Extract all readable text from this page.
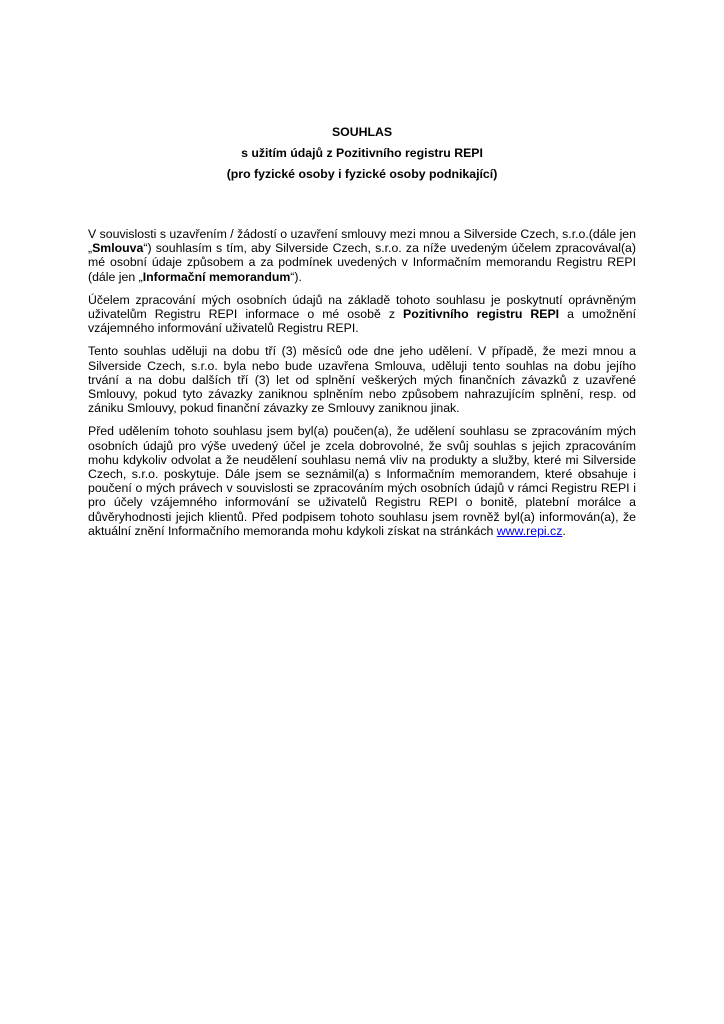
SOUHLAS
s užitím údajů z Pozitivního registru REPI
(pro fyzické osoby i fyzické osoby podnikající)

V souvislosti s uzavřením / žádostí o uzavření smlouvy mezi mnou a Silverside Czech, s.r.o.(dále jen „Smlouva“) souhlasím s tím, aby Silverside Czech, s.r.o. za níže uvedeným účelem zpracovával(a) mé osobní údaje způsobem a za podmínek uvedených v Informačním memorandu Registru REPI (dále jen „Informační memorandum“).

Účelem zpracování mých osobních údajů na základě tohoto souhlasu je poskytnutí oprávněným uživatelům Registru REPI informace o mé osobě z Pozitivního registru REPI a umožnění vzájemného informování uživatelů Registru REPI.

Tento souhlas uděluji na dobu tří (3) měsíců ode dne jeho udělení. V případě, že mezi mnou a Silverside Czech, s.r.o. byla nebo bude uzavřena Smlouva, uděluji tento souhlas na dobu jejího trvání a na dobu dalších tří (3) let od splnění veškerých mých finančních závazků z uzavřené Smlouvy, pokud tyto závazky zaniknou splněním nebo způsobem nahrazujícím splnění, resp. od zániku Smlouvy, pokud finanční závazky ze Smlouvy zaniknou jinak.

Před udělením tohoto souhlasu jsem byl(a) poučen(a), že udělení souhlasu se zpracováním mých osobních údajů pro výše uvedený účel je zcela dobrovolné, že svůj souhlas s jejich zpracováním mohu kdykoliv odvolat a že neudělení souhlasu nemá vliv na produkty a služby, které mi Silverside Czech, s.r.o. poskytuje. Dále jsem se seznámil(a) s Informačním memorandem, které obsahuje i poučení o mých právech v souvislosti se zpracováním mých osobních údajů v rámci Registru REPI i pro účely vzájemného informování se uživatelů Registru REPI o bonitě, platební morálce a důvěryhodnosti jejich klientů. Před podpisem tohoto souhlasu jsem rovněž byl(a) informován(a), že aktuální znění Informačního memoranda mohu kdykoli získat na stránkách www.repi.cz.
